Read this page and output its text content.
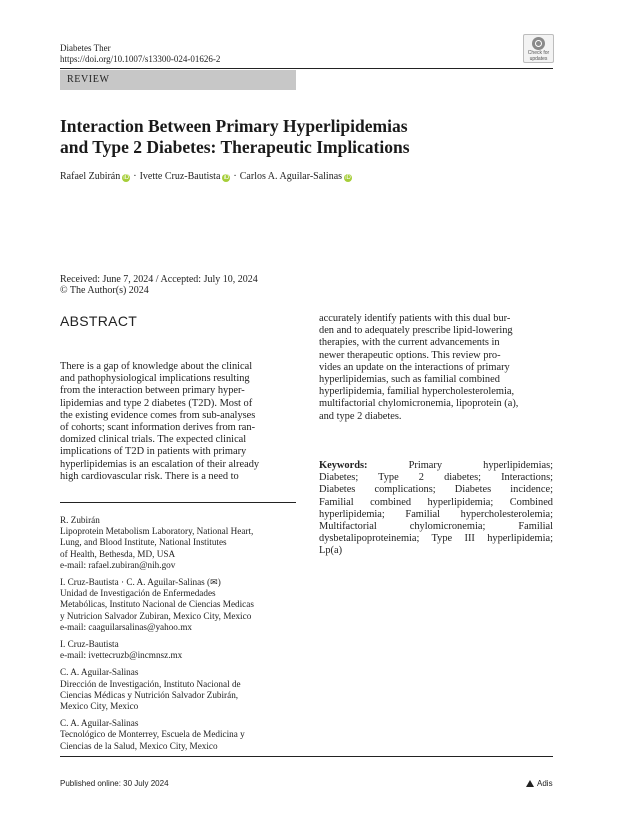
Diabetes Ther
https://doi.org/10.1007/s13300-024-01626-2
Check for
updates
REVIEW
Interaction Between Primary Hyperlipidemias
and Type 2 Diabetes: Therapeutic Implications
Rafael Zubirán iD · Ivette Cruz-Bautista iD · Carlos A. Aguilar-Salinas iD
Received: June 7, 2024 / Accepted: July 10, 2024
© The Author(s) 2024
ABSTRACT
There is a gap of knowledge about the clinical
and pathophysiological implications resulting
from the interaction between primary hyper-
lipidemias and type 2 diabetes (T2D). Most of
the existing evidence comes from sub-analyses
of cohorts; scant information derives from ran-
domized clinical trials. The expected clinical
implications of T2D in patients with primary
hyperlipidemias is an escalation of their already
high cardiovascular risk. There is a need to
accurately identify patients with this dual bur-
den and to adequately prescribe lipid-lowering
therapies, with the current advancements in
newer therapeutic options. This review pro-
vides an update on the interactions of primary
hyperlipidemias, such as familial combined
hyperlipidemia, familial hypercholesterolemia,
multifactorial chylomicronemia, lipoprotein (a),
and type 2 diabetes.
Keywords:	Primary hyperlipidemias;
Diabetes; Type 2 diabetes; Interactions;
Diabetes complications; Diabetes incidence;
Familial combined hyperlipidemia; Combined
hyperlipidemia; Familial hypercholesterolemia;
Multifactorial chylomicronemia; Familial
dysbetalipoproteinemia; Type III hyperlipidemia;
Lp(a)
R. Zubirán
Lipoprotein Metabolism Laboratory, National Heart,
Lung, and Blood Institute, National Institutes
of Health, Bethesda, MD, USA
e-mail: rafael.zubiran@nih.gov
I. Cruz-Bautista · C. A. Aguilar-Salinas (✉)
Unidad de Investigación de Enfermedades
Metabólicas, Instituto Nacional de Ciencias Medicas
y Nutricion Salvador Zubiran, Mexico City, Mexico
e-mail: caaguilarsalinas@yahoo.mx
I. Cruz-Bautista
e-mail: ivettecruzb@incmnsz.mx
C. A. Aguilar-Salinas
Dirección de Investigación, Instituto Nacional de
Ciencias Médicas y Nutrición Salvador Zubirán,
Mexico City, Mexico
C. A. Aguilar-Salinas
Tecnológico de Monterrey, Escuela de Medicina y
Ciencias de la Salud, Mexico City, Mexico
Published online: 30 July 2024	Adis
